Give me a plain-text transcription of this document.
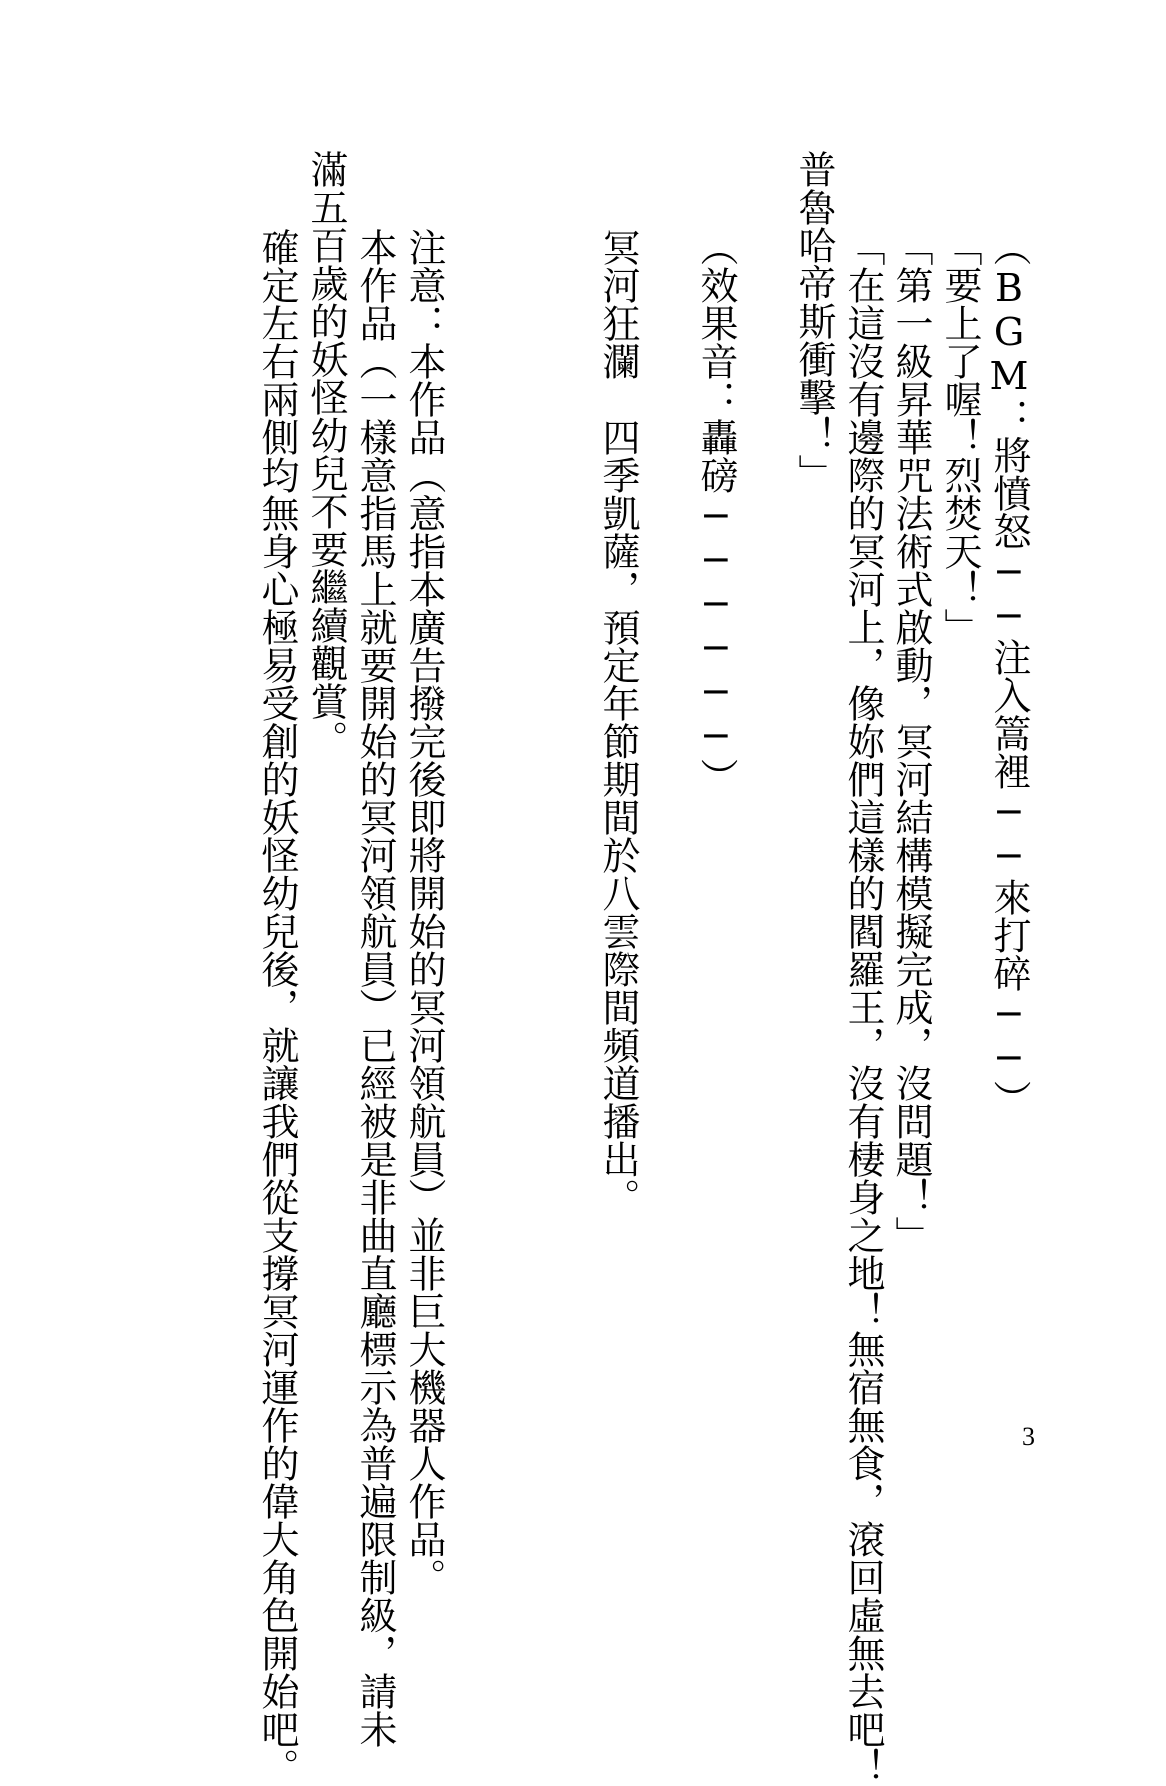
（BGM：將憤怒──注入篙裡──來打碎──）
「要上了喔！烈焚天！」
「第一級昇華咒法術式啟動，冥河結構模擬完成，沒問題！」
「在這沒有邊際的冥河上，像妳們這樣的閻羅王，沒有棲身之地！無宿無食，滾回虛無去吧！
普魯哈帝斯衝擊！」
（效果音：轟磅──────）
冥河狂瀾　四季凱薩，預定年節期間於八雲際間頻道播出。
注意：本作品（意指本廣告撥完後即將開始的冥河領航員）並非巨大機器人作品。
本作品（一樣意指馬上就要開始的冥河領航員）已經被是非曲直廳標示為普遍限制級，請未
滿五百歲的妖怪幼兒不要繼續觀賞。
確定左右兩側均無身心極易受創的妖怪幼兒後，就讓我們從支撐冥河運作的偉大角色開始吧。	3
